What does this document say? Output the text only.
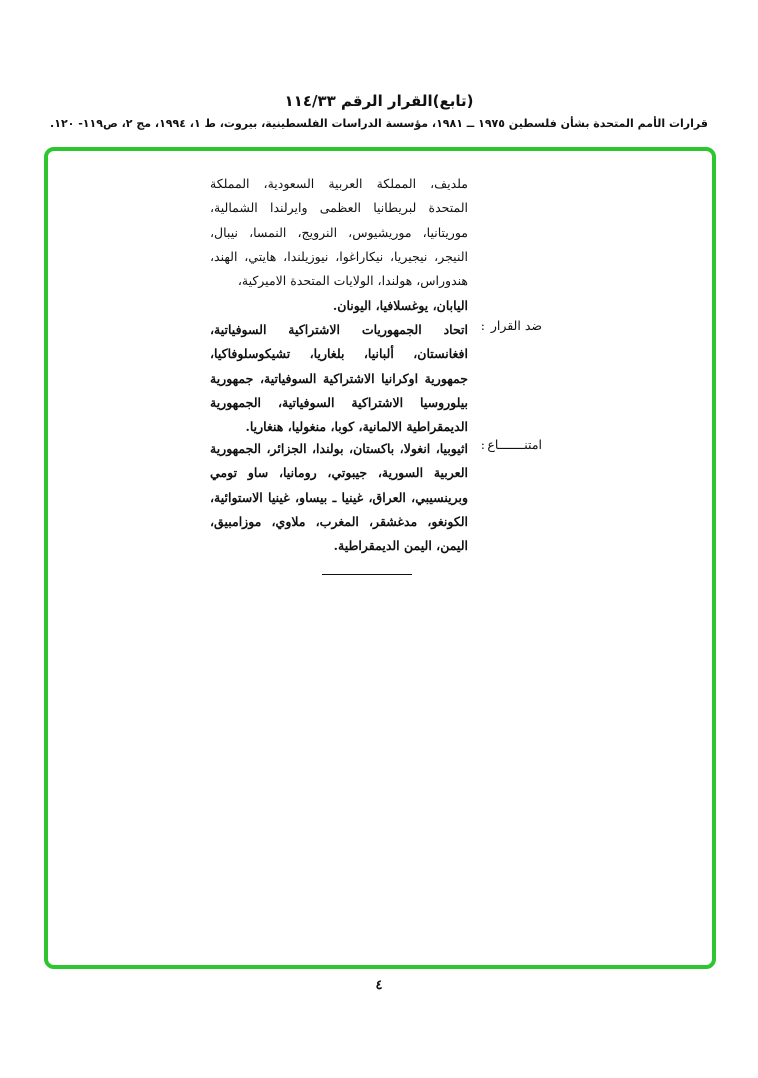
(تابع)القرار الرقم ١١٤/٣٣
قرارات الأمم المتحدة بشأن فلسطين ١٩٧٥ ــ ١٩٨١، مؤسسة الدراسات الفلسطينية، بيروت، ط ١، ١٩٩٤، مج ٢، ص١١٩- ١٢٠.
ملديف، المملكة العربية السعودية، المملكة المتحدة لبريطانيا العظمى وايرلندا الشمالية، موريتانيا، موريشيوس، النرويج، النمسا، نيبال، النيجر، نيجيريا، نيكاراغوا، نيوزيلندا، هايتي، الهند، هندوراس، هولندا، الولايات المتحدة الاميركية،
اليابان، يوغسلافيا، اليونان.
ضد القرار
:
اتحاد الجمهوريات الاشتراكية السوفياتية، افغانستان، ألبانيا، بلغاريا، تشيكوسلوفاكيا، جمهورية اوكرانيا الاشتراكية السوفياتية، جمهورية بيلوروسيا الاشتراكية السوفياتية، الجمهورية الديمقراطية الالمانية، كوبا، منغوليا، هنغاريا.
امتنـــــــاع
:
اثيوبيا، انغولا، باكستان، بولندا، الجزائر، الجمهورية العربية السورية، جيبوتي، رومانيا، ساو تومي وبرينسيبي، العراق، غينيا ـ بيساو، غينيا الاستوائية، الكونغو، مدغشقر، المغرب، ملاوي، موزامبيق، اليمن، اليمن الديمقراطية.
٤
